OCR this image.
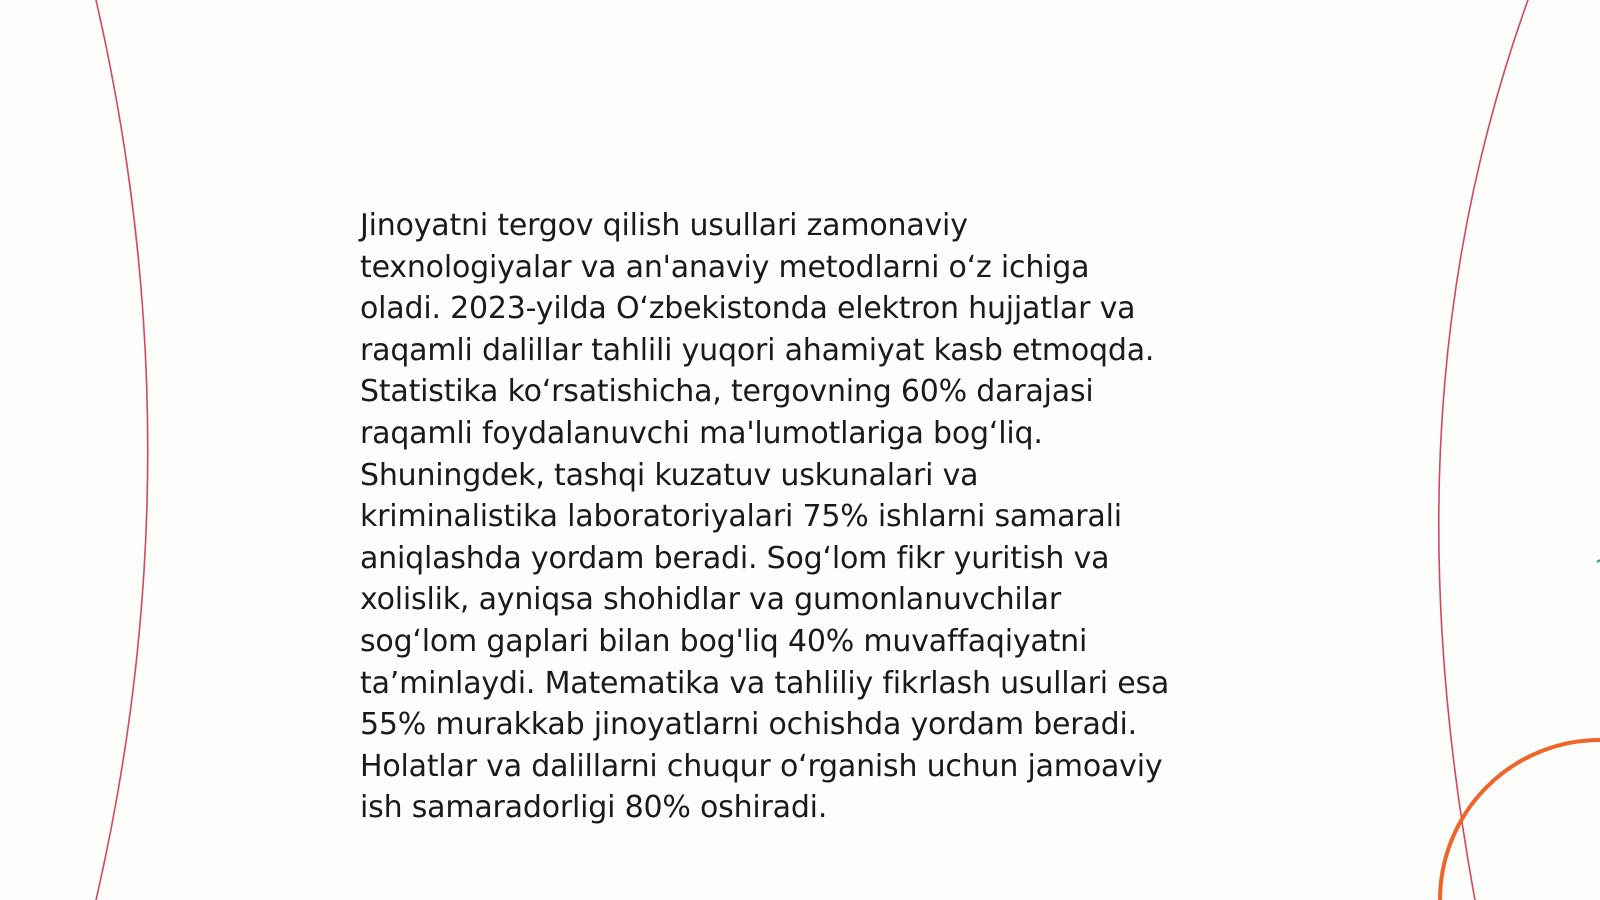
Jinoyatni tergov qilish usullari zamonaviy
texnologiyalar va an'anaviy metodlarni oʻz ichiga
oladi. 2023-yilda Oʻzbekistonda elektron hujjatlar va
raqamli dalillar tahlili yuqori ahamiyat kasb etmoqda.
Statistika koʻrsatishicha, tergovning 60% darajasi
raqamli foydalanuvchi ma'lumotlariga bogʻliq.
Shuningdek, tashqi kuzatuv uskunalari va
kriminalistika laboratoriyalari 75% ishlarni samarali
aniqlashda yordam beradi. Sogʻlom fikr yuritish va
xolislik, ayniqsa shohidlar va gumonlanuvchilar
sogʻlom gaplari bilan bog'liq 40% muvaffaqiyatni
taʼminlaydi. Matematika va tahliliy fikrlash usullari esa
55% murakkab jinoyatlarni ochishda yordam beradi.
Holatlar va dalillarni chuqur oʻrganish uchun jamoaviy
ish samaradorligi 80% oshiradi.
